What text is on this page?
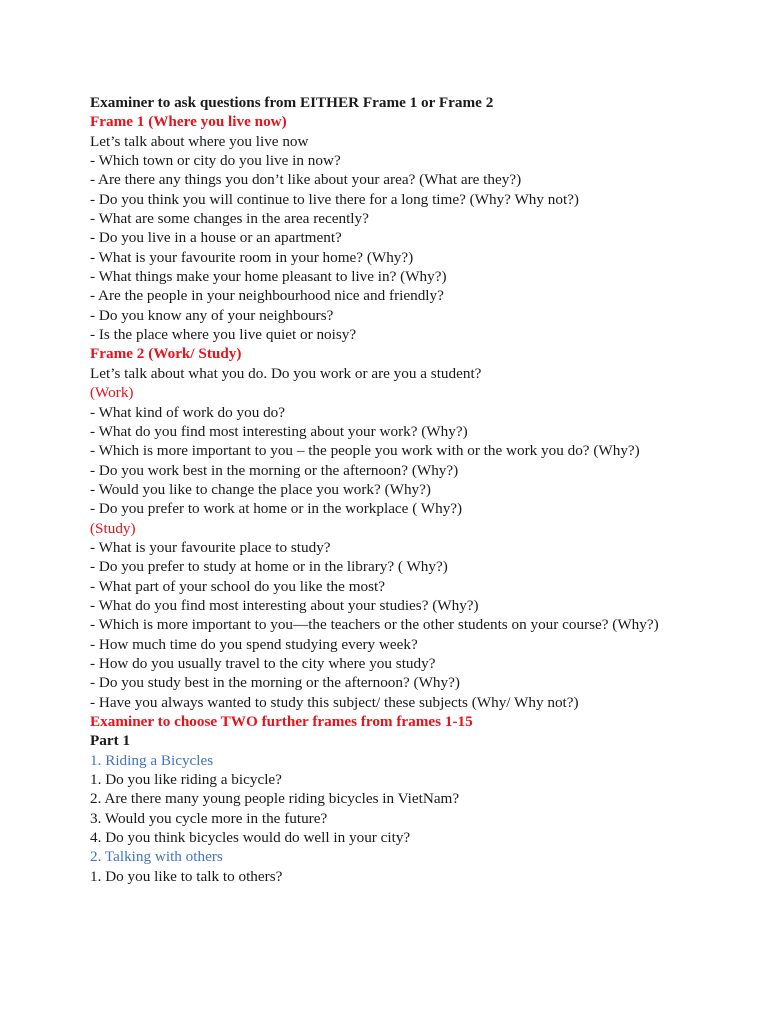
Examiner to ask questions from EITHER Frame 1 or Frame 2
Frame 1 (Where you live now)
Let’s talk about where you live now
- Which town or city do you live in now?
- Are there any things you don’t like about your area? (What are they?)
- Do you think you will continue to live there for a long time? (Why? Why not?)
- What are some changes in the area recently?
- Do you live in a house or an apartment?
- What is your favourite room in your home? (Why?)
- What things make your home pleasant to live in? (Why?)
- Are the people in your neighbourhood nice and friendly?
- Do you know any of your neighbours?
- Is the place where you live quiet or noisy?
Frame 2 (Work/ Study)
Let’s talk about what you do. Do you work or are you a student?
(Work)
- What kind of work do you do?
- What do you find most interesting about your work? (Why?)
- Which is more important to you – the people you work with or the work you do? (Why?)
- Do you work best in the morning or the afternoon? (Why?)
- Would you like to change the place you work? (Why?)
- Do you prefer to work at home or in the workplace ( Why?)
(Study)
- What is your favourite place to study?
- Do you prefer to study at home or in the library? ( Why?)
- What part of your school do you like the most?
- What do you find most interesting about your studies? (Why?)
- Which is more important to you—the teachers or the other students on your course? (Why?)
- How much time do you spend studying every week?
- How do you usually travel to the city where you study?
- Do you study best in the morning or the afternoon? (Why?)
- Have you always wanted to study this subject/ these subjects (Why/ Why not?)
Examiner to choose TWO further frames from frames 1-15
Part 1
1. Riding a Bicycles
1. Do you like riding a bicycle?
2. Are there many young people riding bicycles in VietNam?
3. Would you cycle more in the future?
4. Do you think bicycles would do well in your city?
2. Talking with others
1. Do you like to talk to others?
